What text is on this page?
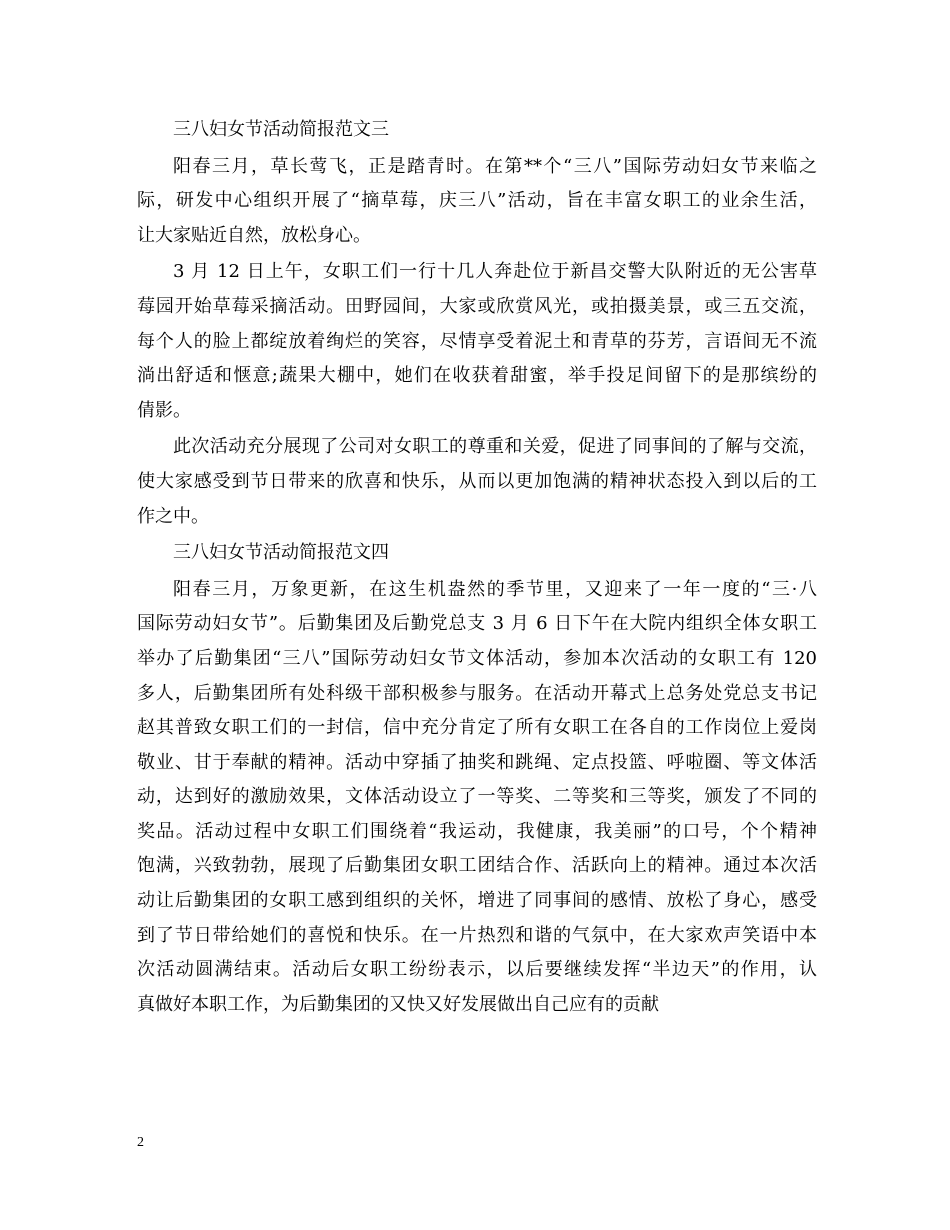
三八妇女节活动简报范文三
阳春三月，草长莺飞，正是踏青时。在第**个“三八”国际劳动妇女节来临之
际，研发中心组织开展了“摘草莓，庆三八”活动，旨在丰富女职工的业余生活，
让大家贴近自然，放松身心。
3 月 12 日上午，女职工们一行十几人奔赴位于新昌交警大队附近的无公害草
莓园开始草莓采摘活动。田野园间，大家或欣赏风光，或拍摄美景，或三五交流，
每个人的脸上都绽放着绚烂的笑容，尽情享受着泥土和青草的芬芳，言语间无不流
淌出舒适和惬意;蔬果大棚中，她们在收获着甜蜜，举手投足间留下的是那缤纷的
倩影。
此次活动充分展现了公司对女职工的尊重和关爱，促进了同事间的了解与交流，
使大家感受到节日带来的欣喜和快乐，从而以更加饱满的精神状态投入到以后的工
作之中。
三八妇女节活动简报范文四
阳春三月，万象更新，在这生机盎然的季节里，又迎来了一年一度的“三·八
国际劳动妇女节”。后勤集团及后勤党总支 3 月 6 日下午在大院内组织全体女职工
举办了后勤集团“三八”国际劳动妇女节文体活动，参加本次活动的女职工有 120
多人，后勤集团所有处科级干部积极参与服务。在活动开幕式上总务处党总支书记
赵其普致女职工们的一封信，信中充分肯定了所有女职工在各自的工作岗位上爱岗
敬业、甘于奉献的精神。活动中穿插了抽奖和跳绳、定点投篮、呼啦圈、等文体活
动，达到好的激励效果，文体活动设立了一等奖、二等奖和三等奖，颁发了不同的
奖品。活动过程中女职工们围绕着“我运动，我健康，我美丽”的口号，个个精神
饱满，兴致勃勃，展现了后勤集团女职工团结合作、活跃向上的精神。通过本次活
动让后勤集团的女职工感到组织的关怀，增进了同事间的感情、放松了身心，感受
到了节日带给她们的喜悦和快乐。在一片热烈和谐的气氛中，在大家欢声笑语中本
次活动圆满结束。活动后女职工纷纷表示，以后要继续发挥“半边天”的作用，认
真做好本职工作，为后勤集团的又快又好发展做出自己应有的贡献
2
